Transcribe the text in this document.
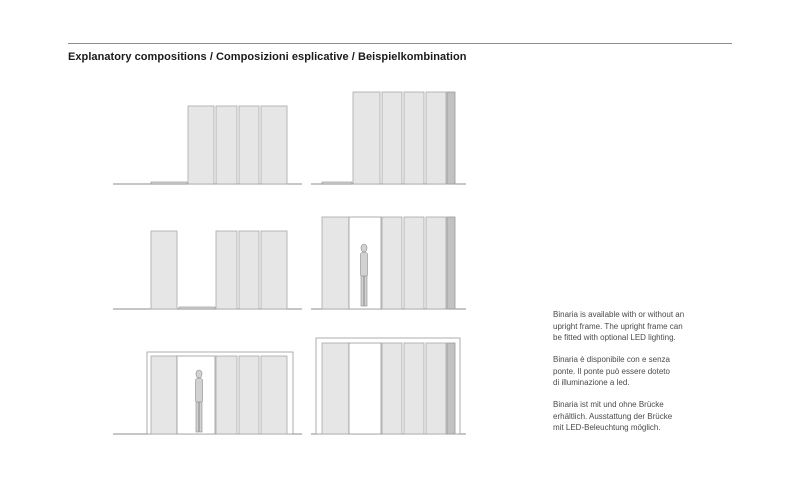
Explanatory compositions / Composizioni esplicative / Beispielkombination

Binaria is available with or without an
upright frame. The upright frame can
be fitted with optional LED lighting.

Binaria è disponibile con e senza
ponte. Il ponte può essere doteto
di illuminazione a led.

Binaria ist mit und ohne Brücke
erhältlich. Ausstattung der Brücke
mit LED-Beleuchtung möglich.
